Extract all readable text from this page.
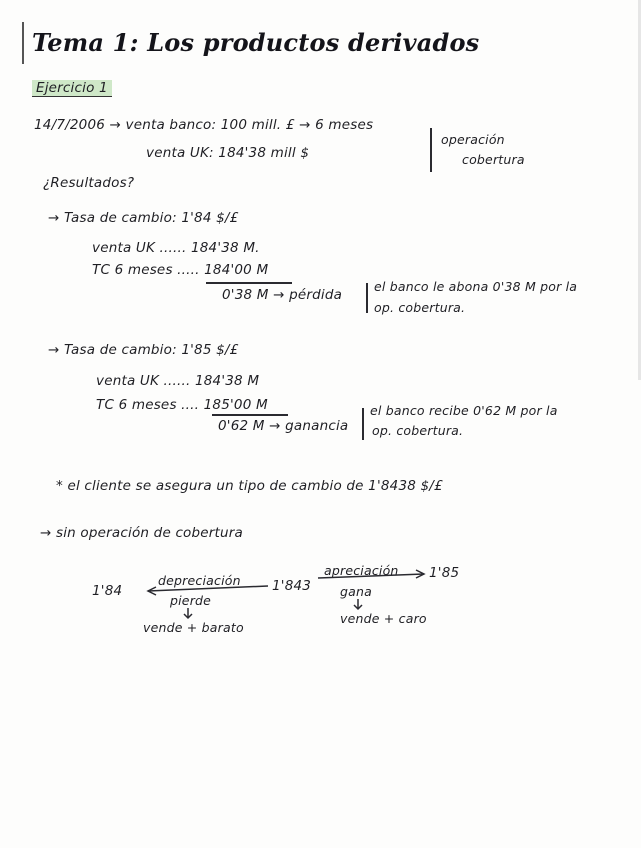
Tema 1: Los productos derivados
Ejercicio 1
14/7/2006 → venta banco: 100 mill. £ → 6 meses
venta UK: 184'38 mill $
operación
cobertura
¿Resultados?
→ Tasa de cambio: 1'84 $/£
venta UK ...... 184'38 M.
TC 6 meses ..... 184'00 M
0'38 M → pérdida
el banco le abona 0'38 M por la
op. cobertura.
→ Tasa de cambio: 1'85 $/£
venta UK ...... 184'38 M
TC 6 meses .... 185'00 M
0'62 M → ganancia
el banco recibe 0'62 M por la
op. cobertura.
* el cliente se asegura un tipo de cambio de 1'8438 $/£
→ sin operación de cobertura
1'84	1'843
1'85
depreciación
pierde
vende + barato
apreciación
gana
vende + caro
